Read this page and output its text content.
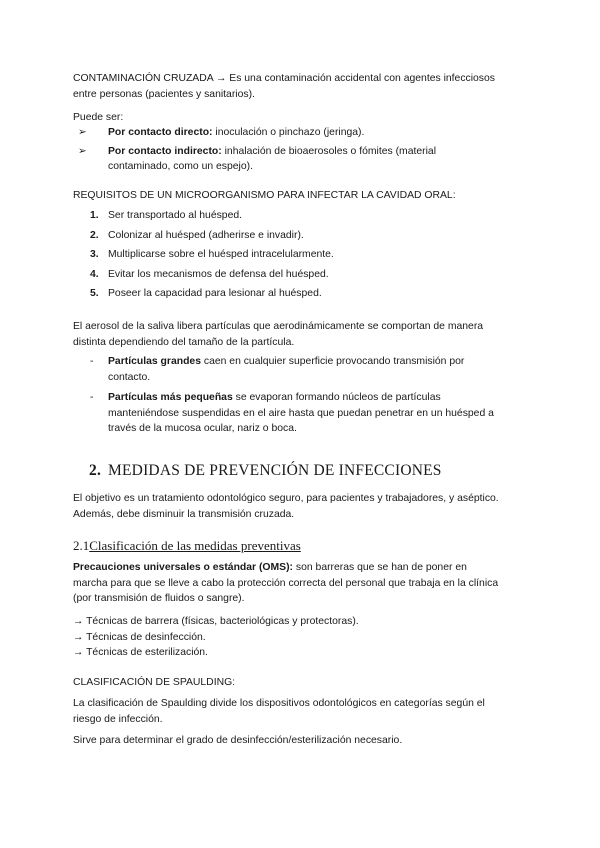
CONTAMINACIÓN CRUZADA → Es una contaminación accidental con agentes infecciosos

entre personas (pacientes y sanitarios).

Puede ser:

➢ Por contacto directo: inoculación o pinchazo (jeringa).

➢ Por contacto indirecto: inhalación de bioaerosoles o fómites (material

contaminado, como un espejo).

REQUISITOS DE UN MICROORGANISMO PARA INFECTAR LA CAVIDAD ORAL:

1. Ser transportado al huésped.
2. Colonizar al huésped (adherirse e invadir).
3. Multiplicarse sobre el huésped intracelularmente.
4. Evitar los mecanismos de defensa del huésped.
5. Poseer la capacidad para lesionar al huésped.

El aerosol de la saliva libera partículas que aerodinámicamente se comportan de manera

distinta dependiendo del tamaño de la partícula.

- Partículas grandes caen en cualquier superficie provocando transmisión por

contacto.

- Partículas más pequeñas se evaporan formando núcleos de partículas

manteniéndose suspendidas en el aire hasta que puedan penetrar en un huésped a

través de la mucosa ocular, nariz o boca.

2. MEDIDAS DE PREVENCIÓN DE INFECCIONES

El objetivo es un tratamiento odontológico seguro, para pacientes y trabajadores, y aséptico.

Además, debe disminuir la transmisión cruzada.

2.1Clasificación de las medidas preventivas

Precauciones universales o estándar (OMS): son barreras que se han de poner en

marcha para que se lleve a cabo la protección correcta del personal que trabaja en la clínica

(por transmisión de fluidos o sangre).

→ Técnicas de barrera (físicas, bacteriológicas y protectoras).

→ Técnicas de desinfección.

→ Técnicas de esterilización.

CLASIFICACIÓN DE SPAULDING:

La clasificación de Spaulding divide los dispositivos odontológicos en categorías según el

riesgo de infección.

Sirve para determinar el grado de desinfección/esterilización necesario.
